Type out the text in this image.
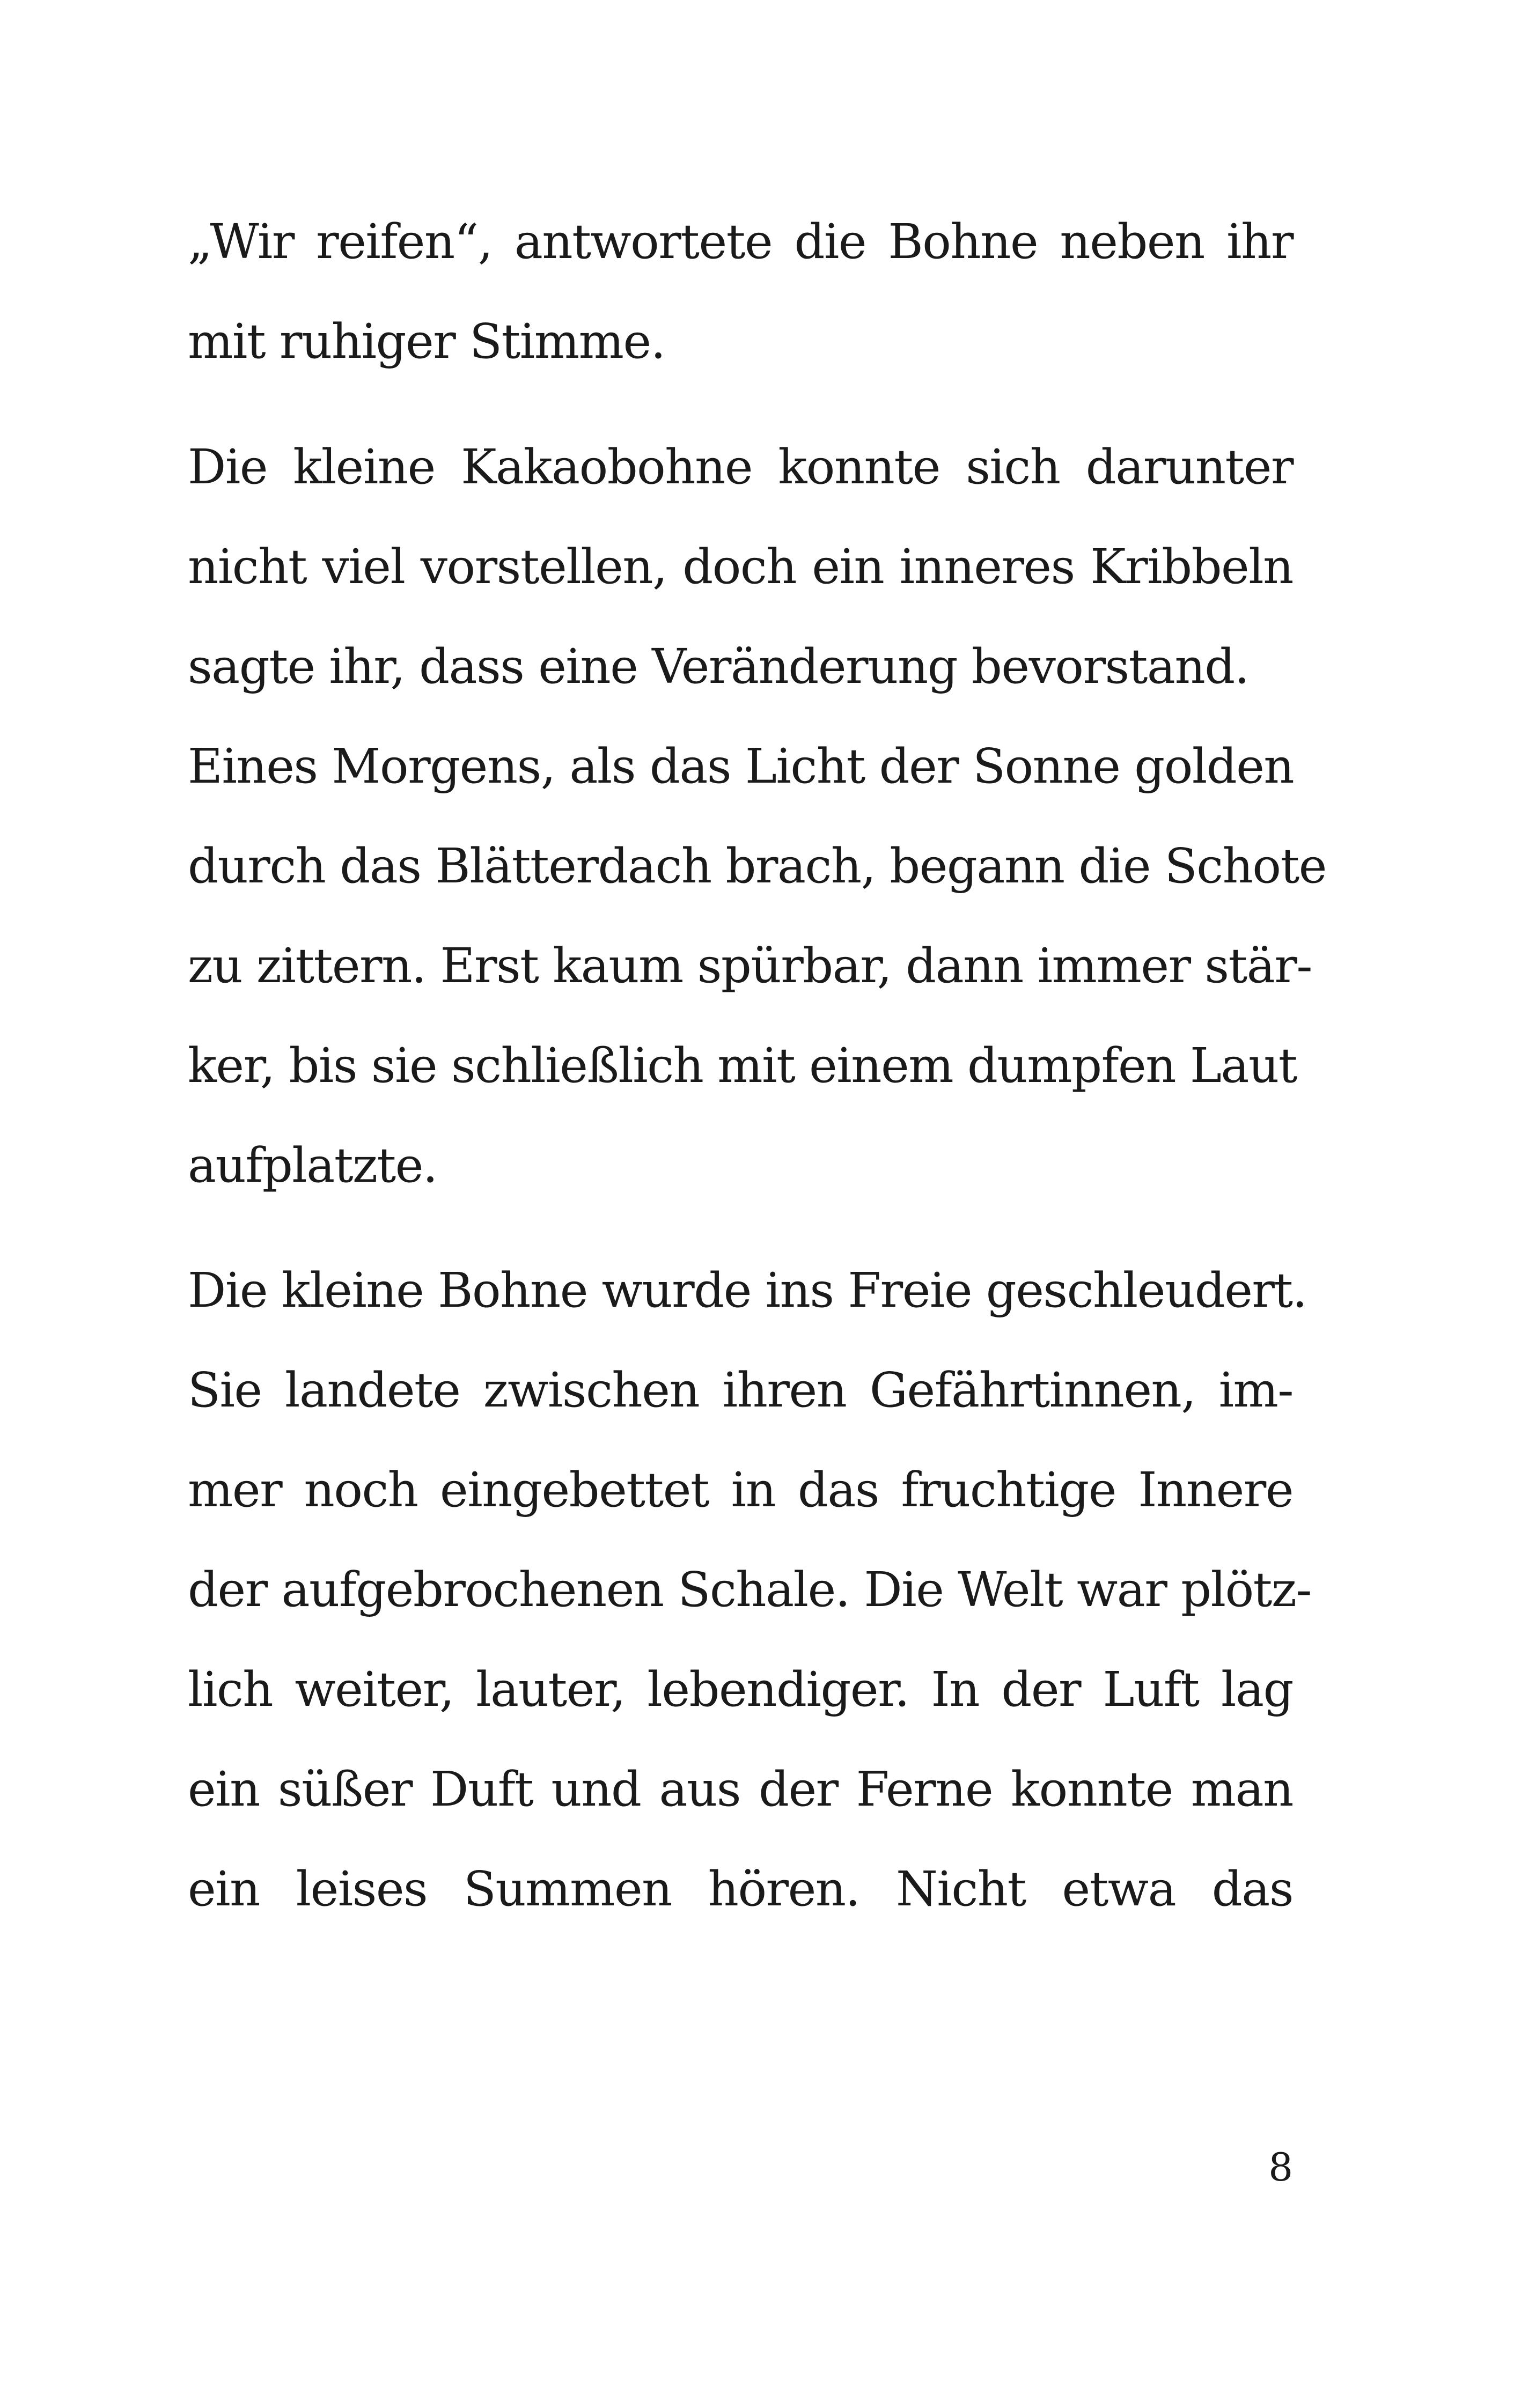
„Wir reifen“, antwortete die Bohne neben ihr
mit ruhiger Stimme.
Die kleine Kakaobohne konnte sich darunter
nicht viel vorstellen, doch ein inneres Kribbeln
sagte ihr, dass eine Veränderung bevorstand.
Eines Morgens, als das Licht der Sonne golden
durch das Blätterdach brach, begann die Schote
zu zittern. Erst kaum spürbar, dann immer stär-
ker, bis sie schließlich mit einem dumpfen Laut
aufplatzte.
Die kleine Bohne wurde ins Freie geschleudert.
Sie landete zwischen ihren Gefährtinnen, im-
mer noch eingebettet in das fruchtige Innere
der aufgebrochenen Schale. Die Welt war plötz-
lich weiter, lauter, lebendiger. In der Luft lag
ein süßer Duft und aus der Ferne konnte man
ein leises Summen hören. Nicht etwa das
8
